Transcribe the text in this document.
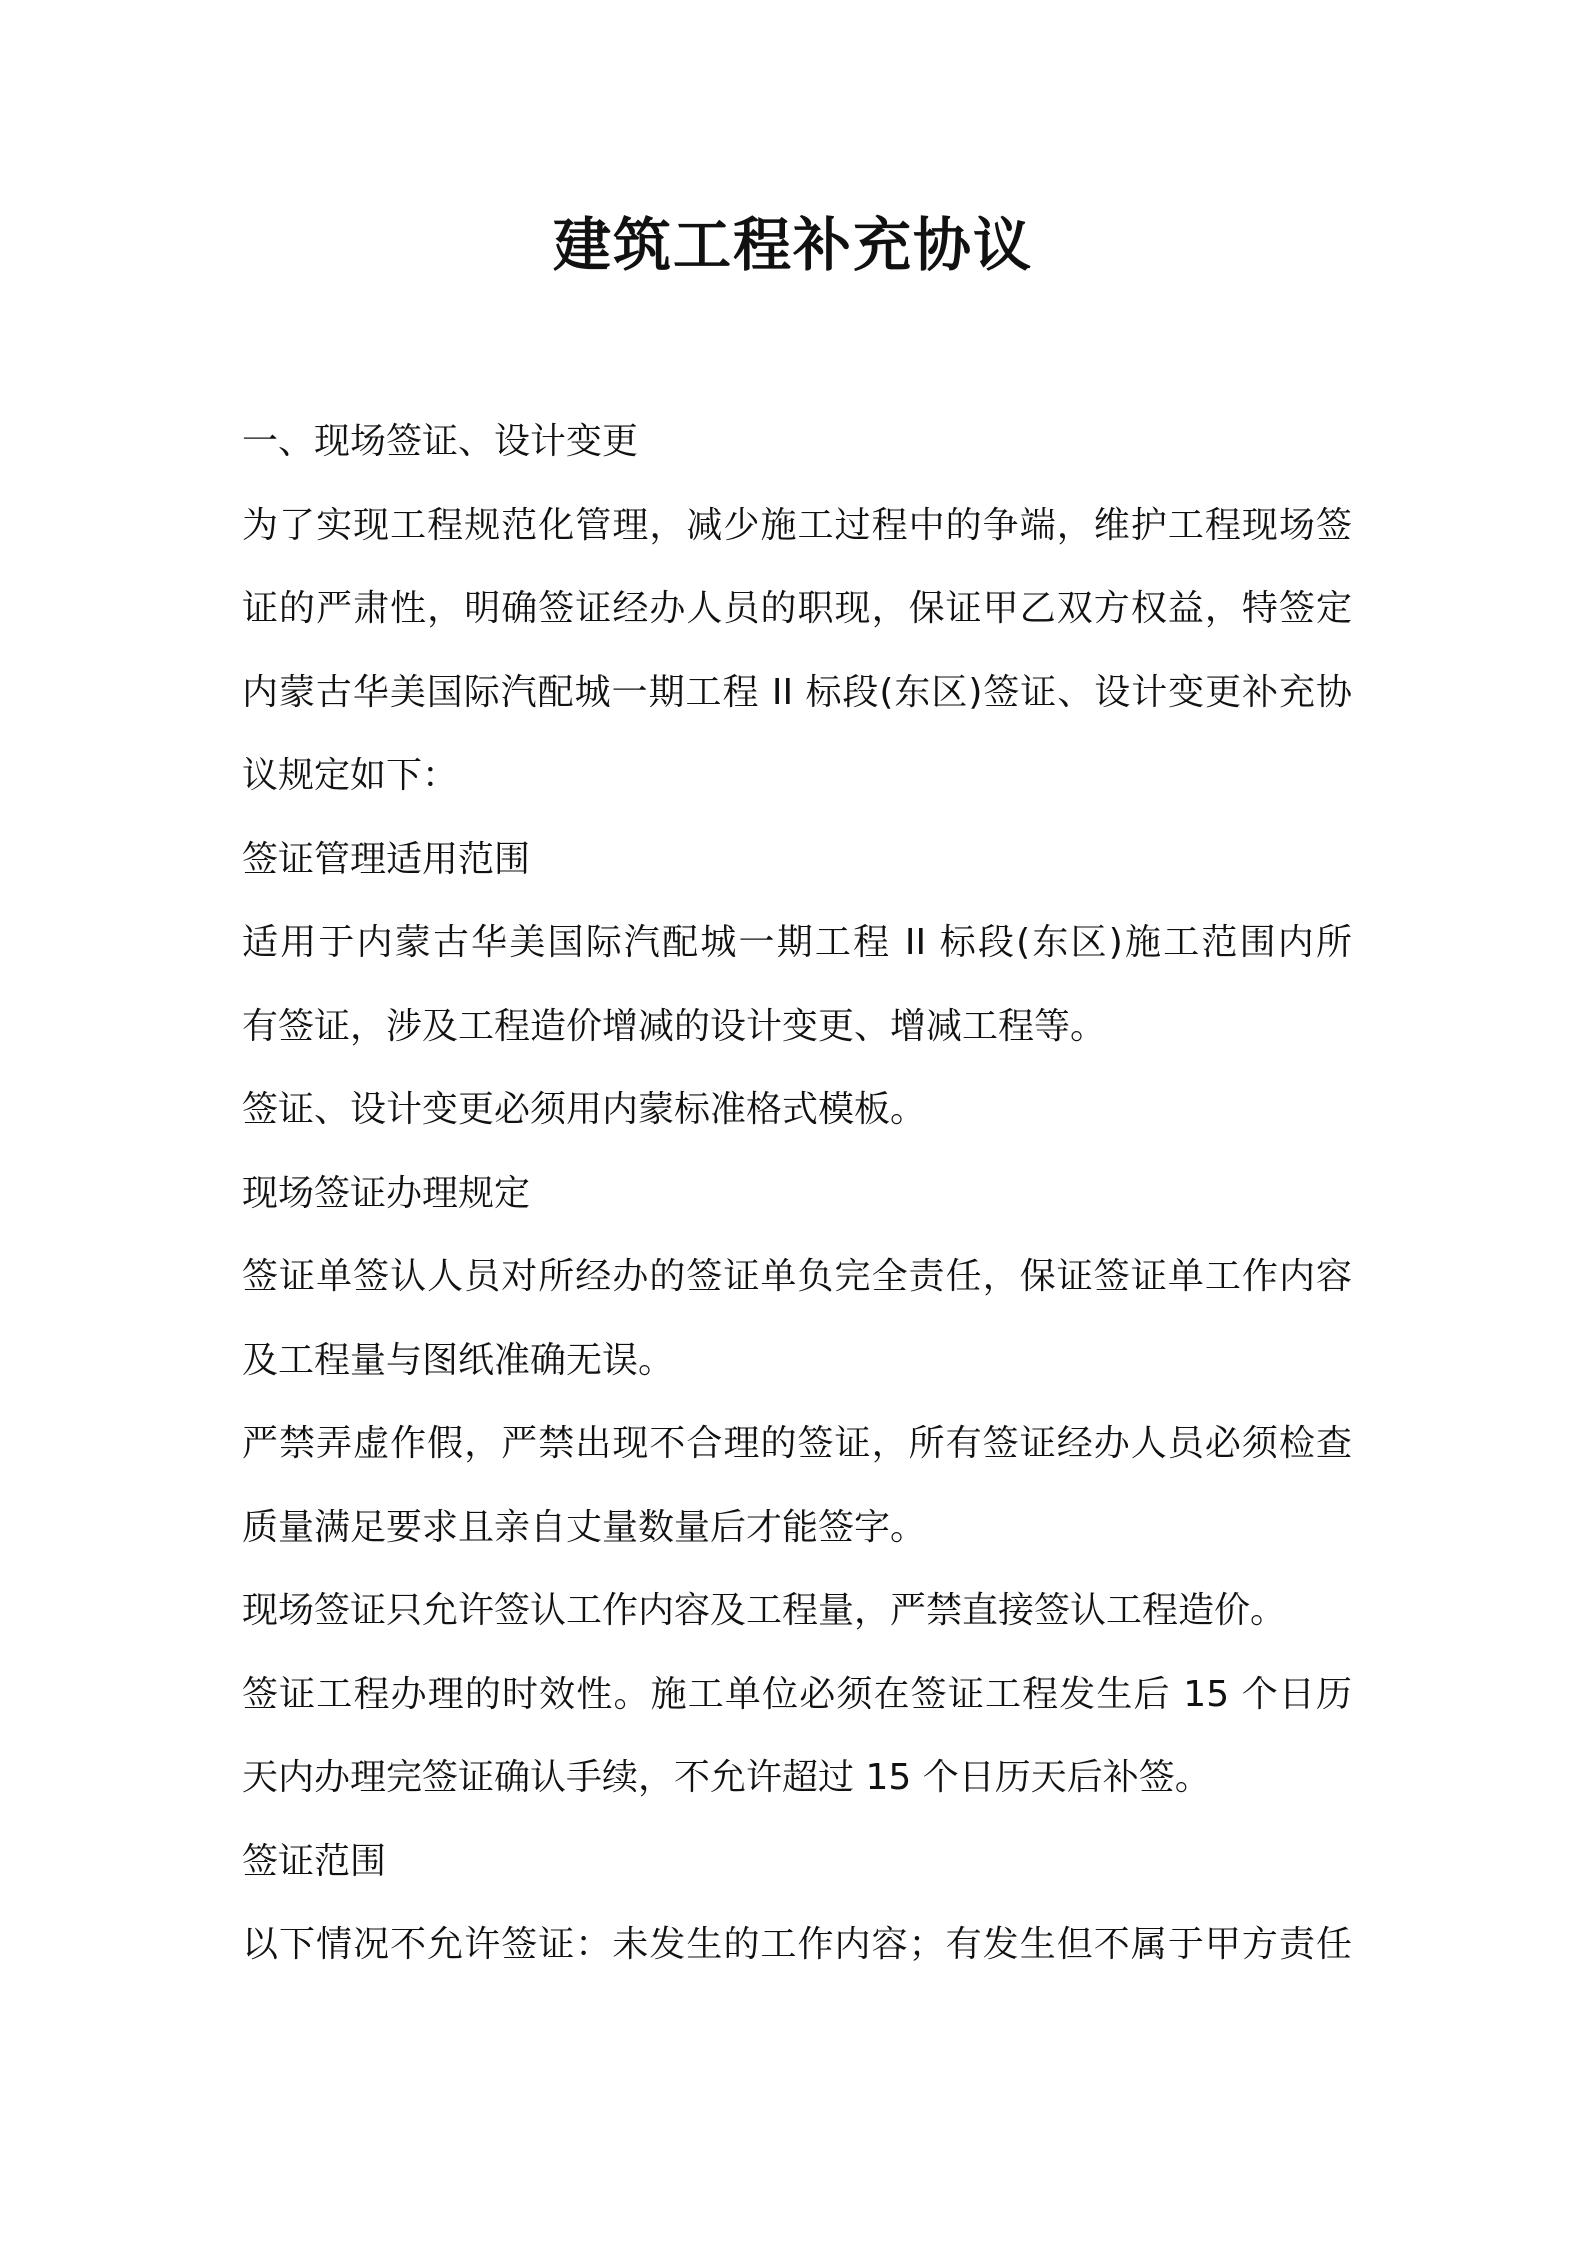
建筑工程补充协议

一、现场签证、设计变更

为了实现工程规范化管理，减少施工过程中的争端，维护工程现场签

证的严肃性，明确签证经办人员的职现，保证甲乙双方权益，特签定

内蒙古华美国际汽配城一期工程 II 标段(东区)签证、设计变更补充协

议规定如下：

签证管理适用范围

适用于内蒙古华美国际汽配城一期工程 II 标段(东区)施工范围内所

有签证，涉及工程造价增减的设计变更、增减工程等。

签证、设计变更必须用内蒙标准格式模板。

现场签证办理规定

签证单签认人员对所经办的签证单负完全责任，保证签证单工作内容

及工程量与图纸准确无误。

严禁弄虚作假，严禁出现不合理的签证，所有签证经办人员必须检查

质量满足要求且亲自丈量数量后才能签字。

现场签证只允许签认工作内容及工程量，严禁直接签认工程造价。

签证工程办理的时效性。施工单位必须在签证工程发生后 15 个日历

天内办理完签证确认手续，不允许超过 15 个日历天后补签。

签证范围

以下情况不允许签证：未发生的工作内容；有发生但不属于甲方责任
